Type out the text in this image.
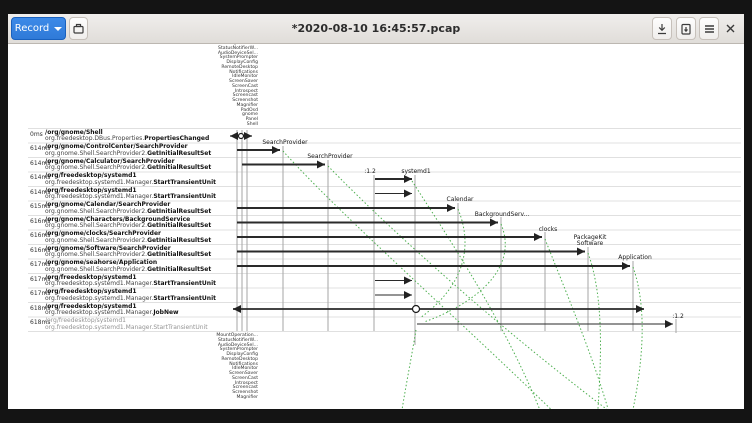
SearchProvider
SearchProvider
:1.2	systemd1
Calendar
BackgroundServ...
clocks
PackageKit
Software
Application
:1.2
StatusNotifierW...
AudioDeviceSel...
SystemPrompter
DisplayConfig
RemoteDesktop
Notifications
IdleMonitor
ScreenSaver
ScreenCast
Introspect
Screencast
Screenshot
Magnifier
PadOsd
gnome
Panel
Shell
MountOperation...
StatusNotifierW...
AudioDeviceSel...
SystemPrompter
DisplayConfig
RemoteDesktop
Notifications
IdleMonitor
ScreenSaver
ScreenCast
Introspect
Screencast
Screenshot
Magnifier
0ms /org/gnome/Shell
org.freedesktop.DBus.Properties.PropertiesChanged
614ms
/org/gnome/ControlCenter/SearchProvider
org.gnome.Shell.SearchProvider2.GetInitialResultSet
614ms
/org/gnome/Calculator/SearchProvider
org.gnome.Shell.SearchProvider2.GetInitialResultSet
614ms
/org/freedesktop/systemd1
org.freedesktop.systemd1.Manager.StartTransientUnit
614ms
/org/freedesktop/systemd1
org.freedesktop.systemd1.Manager.StartTransientUnit
615ms
/org/gnome/Calendar/SearchProvider
org.gnome.Shell.SearchProvider2.GetInitialResultSet
616ms
/org/gnome/Characters/BackgroundService
org.gnome.Shell.SearchProvider2.GetInitialResultSet
616ms
/org/gnome/clocks/SearchProvider
org.gnome.Shell.SearchProvider2.GetInitialResultSet
616ms
/org/gnome/Software/SearchProvider
org.gnome.Shell.SearchProvider2.GetInitialResultSet
617ms
/org/gnome/seahorse/Application
org.gnome.Shell.SearchProvider2.GetInitialResultSet
617ms
/org/freedesktop/systemd1
org.freedesktop.systemd1.Manager.StartTransientUnit
617ms
/org/freedesktop/systemd1
org.freedesktop.systemd1.Manager.StartTransientUnit
618ms
/org/freedesktop/systemd1
org.freedesktop.systemd1.Manager.JobNew
618ms
/org/freedesktop/systemd1
org.freedesktop.systemd1.Manager.StartTransientUnit
*2020-08-10 16:45:57.pcap
Record
